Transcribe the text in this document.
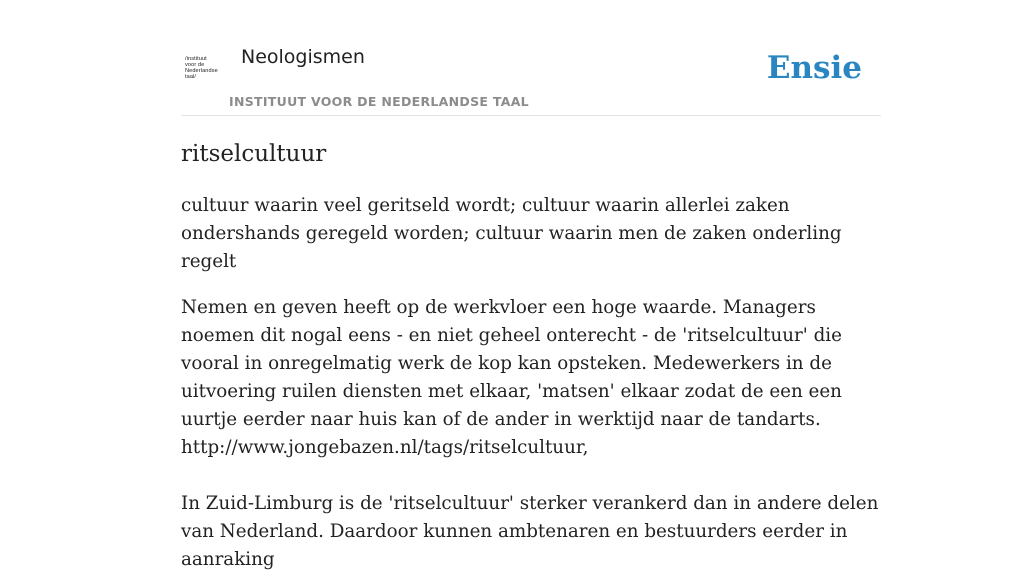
/instituut
voor de
Nederlandse
taal/
Neologismen
INSTITUUT VOOR DE NEDERLANDSE TAAL
Ensie
ritselcultuur

cultuur waarin veel geritseld wordt; cultuur waarin allerlei zaken ondershands geregeld worden; cultuur waarin men de zaken onderling regelt

Nemen en geven heeft op de werkvloer een hoge waarde. Managers noemen dit nogal eens - en niet geheel onterecht - de 'ritselcultuur' die vooral in onregelmatig werk de kop kan opsteken. Medewerkers in de uitvoering ruilen diensten met elkaar, 'matsen' elkaar zodat de een een uurtje eerder naar huis kan of de ander in werktijd naar de tandarts.

http://www.jongebazen.nl/tags/ritselcultuur,

In Zuid-Limburg is de 'ritselcultuur' sterker verankerd dan in andere delen van Nederland. Daardoor kunnen ambtenaren en bestuurders eerder in aanraking
